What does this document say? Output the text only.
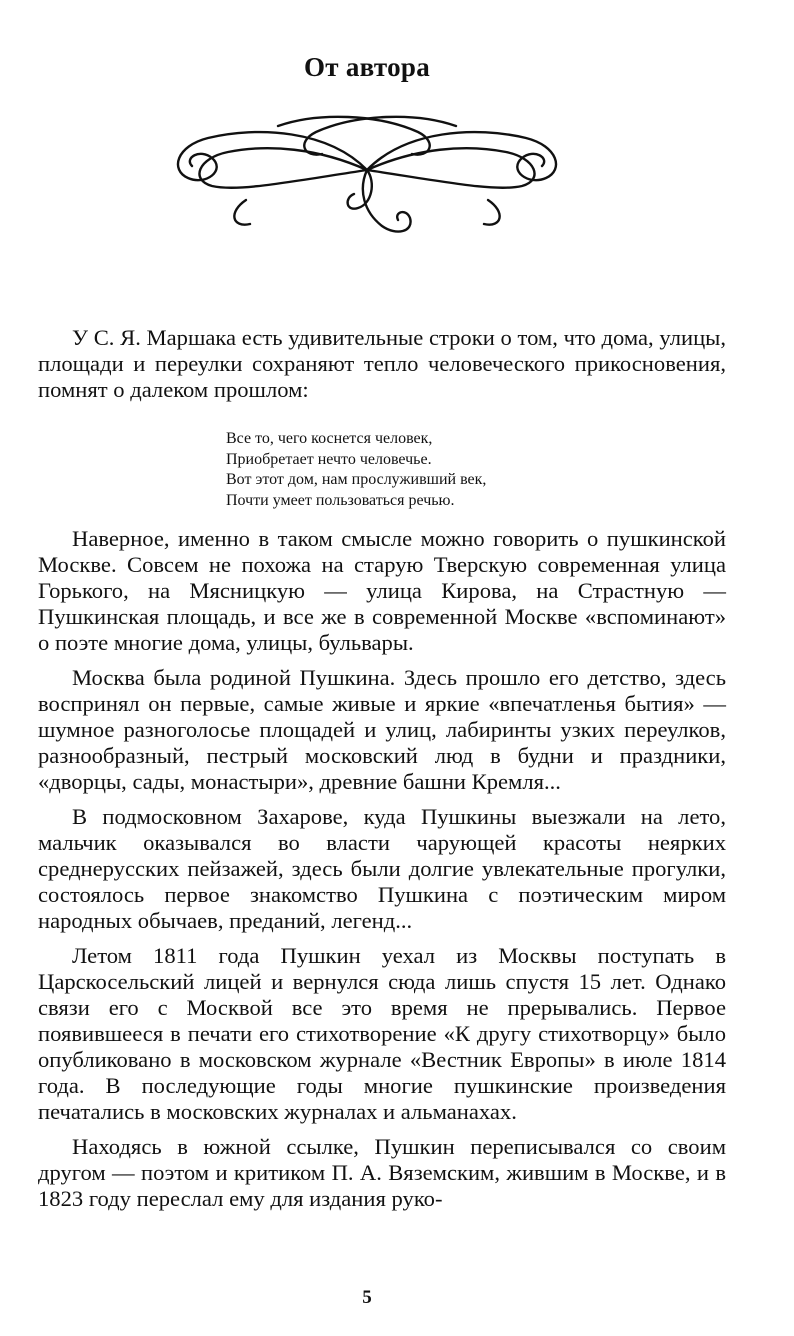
От автора

У С. Я. Маршака есть удивительные строки о том, что дома, улицы, площади и переулки сохраняют тепло человеческого прикосновения, помнят о далеком прошлом:

Все то, чего коснется человек,
Приобретает нечто человечье.
Вот этот дом, нам прослуживший век,
Почти умеет пользоваться речью.

Наверное, именно в таком смысле можно говорить о пушкинской Москве. Совсем не похожа на старую Тверскую современная улица Горького, на Мясницкую — улица Кирова, на Страстную — Пушкинская площадь, и все же в современной Москве «вспоминают» о поэте многие дома, улицы, бульвары.

Москва была родиной Пушкина. Здесь прошло его детство, здесь воспринял он первые, самые живые и яркие «впечатленья бытия» — шумное разноголосье площадей и улиц, лабиринты узких переулков, разнообразный, пестрый московский люд в будни и праздники, «дворцы, сады, монастыри», древние башни Кремля...

В подмосковном Захарове, куда Пушкины выезжали на лето, мальчик оказывался во власти чарующей красоты неярких среднерусских пейзажей, здесь были долгие увлекательные прогулки, состоялось первое знакомство Пушкина с поэтическим миром народных обычаев, преданий, легенд...

Летом 1811 года Пушкин уехал из Москвы поступать в Царскосельский лицей и вернулся сюда лишь спустя 15 лет. Однако связи его с Москвой все это время не прерывались. Первое появившееся в печати его стихотворение «К другу стихотворцу» было опубликовано в московском журнале «Вестник Европы» в июле 1814 года. В последующие годы многие пушкинские произведения печатались в московских журналах и альманахах.

Находясь в южной ссылке, Пушкин переписывался со своим другом — поэтом и критиком П. А. Вяземским, жившим в Москве, и в 1823 году переслал ему для издания руко-

5
